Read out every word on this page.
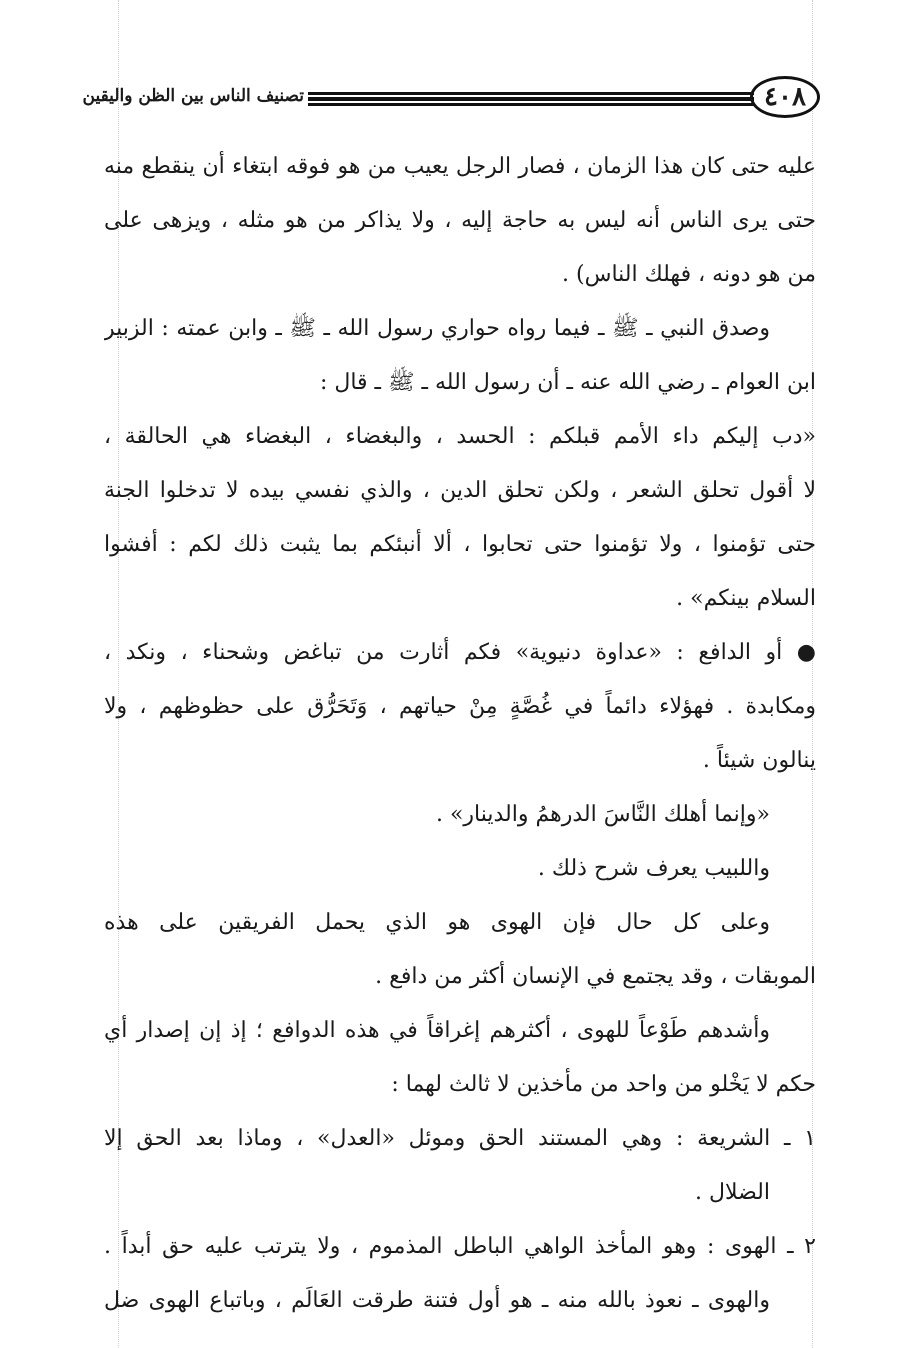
٤٠٨
تصنيف الناس بين الظن واليقين
عليه حتى كان هذا الزمان ، فصار الرجل يعيب من هو فوقه ابتغاء أن ينقطع منه
حتى يرى الناس أنه ليس به حاجة إليه ، ولا يذاكر من هو مثله ، ويزهى على
من هو دونه ، فهلك الناس) .
وصدق النبي ـ ﷺ ـ فيما رواه حواري رسول الله ـ ﷺ ـ وابن عمته : الزبير
ابن العوام ـ رضي الله عنه ـ أن رسول الله ـ ﷺ ـ قال :
«دب إليكم داء الأمم قبلكم : الحسد ، والبغضاء ، البغضاء هي الحالقة ،
لا أقول تحلق الشعر ، ولكن تحلق الدين ، والذي نفسي بيده لا تدخلوا الجنة
حتى تؤمنوا ، ولا تؤمنوا حتى تحابوا ، ألا أنبئكم بما يثبت ذلك لكم : أفشوا
السلام بينكم» .
● أو الدافع : «عداوة دنيوية» فكم أثارت من تباغض وشحناء ، ونكد ،
ومكابدة . فهؤلاء دائماً في غُصَّةٍ مِنْ حياتهم ، وَتَحَرُّق على حظوظهم ، ولا
ينالون شيئاً .
«وإنما أهلك النَّاسَ الدرهمُ والدينار» .
واللبيب يعرف شرح ذلك .
وعلى كل حال فإن الهوى هو الذي يحمل الفريقين على هذه
الموبقات ، وقد يجتمع في الإنسان أكثر من دافع .
وأشدهم طَوْعاً للهوى ، أكثرهم إغراقاً في هذه الدوافع ؛ إذ إن إصدار أي
حكم لا يَخْلو من واحد من مأخذين لا ثالث لهما :
١ ـ الشريعة : وهي المستند الحق وموئل «العدل» ، وماذا بعد الحق إلا
الضلال .
٢ ـ الهوى : وهو المأخذ الواهي الباطل المذموم ، ولا يترتب عليه حق أبداً .
والهوى ـ نعوذ بالله منه ـ هو أول فتنة طرقت العَالَم ، وباتباع الهوى ضل
